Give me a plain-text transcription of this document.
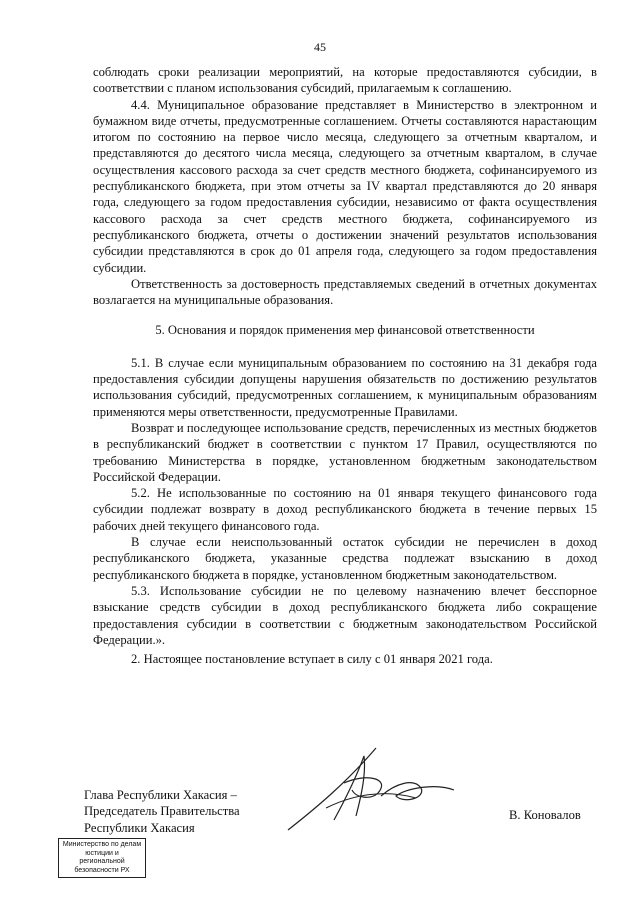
45

соблюдать сроки реализации мероприятий, на которые предоставляются субсидии, в соответствии с планом использования субсидий, прилагаемым к соглашению.

4.4. Муниципальное образование представляет в Министерство в электронном и бумажном виде отчеты, предусмотренные соглашением. Отчеты составляются нарастающим итогом по состоянию на первое число месяца, следующего за отчетным кварталом, и представляются до десятого числа месяца, следующего за отчетным кварталом, в случае осуществления кассового расхода за счет средств местного бюджета, софинансируемого из республиканского бюджета, при этом отчеты за IV квартал представляются до 20 января года, следующего за годом предоставления субсидии, независимо от факта осуществления кассового расхода за счет средств местного бюджета, софинансируемого из республиканского бюджета, отчеты о достижении значений результатов использования субсидии представляются в срок до 01 апреля года, следующего за годом предоставления субсидии.

Ответственность за достоверность представляемых сведений в отчетных документах возлагается на муниципальные образования.

5. Основания и порядок применения мер финансовой ответственности

5.1. В случае если муниципальным образованием по состоянию на 31 декабря года предоставления субсидии допущены нарушения обязательств по достижению результатов использования субсидий, предусмотренных соглашением, к муниципальным образованиям применяются меры ответственности, предусмотренные Правилами.

Возврат и последующее использование средств, перечисленных из местных бюджетов в республиканский бюджет в соответствии с пунктом 17 Правил, осуществляются по требованию Министерства в порядке, установленном бюджетным законодательством Российской Федерации.

5.2. Не использованные по состоянию на 01 января текущего финансового года субсидии подлежат возврату в доход республиканского бюджета в течение первых 15 рабочих дней текущего финансового года.

В случае если неиспользованный остаток субсидии не перечислен в доход республиканского бюджета, указанные средства подлежат взысканию в доход республиканского бюджета в порядке, установленном бюджетным законодательством.

5.3. Использование субсидии не по целевому назначению влечет бесспорное взыскание средств субсидии в доход республиканского бюджета либо сокращение предоставления субсидии в соответствии с бюджетным законодательством Российской Федерации.».

2. Настоящее постановление вступает в силу с 01 января 2021 года.

Глава Республики Хакасия –
Председатель Правительства
Республики Хакасия
В. Коновалов
Министерство по делам
юстиции и региональной
безопасности РХ
